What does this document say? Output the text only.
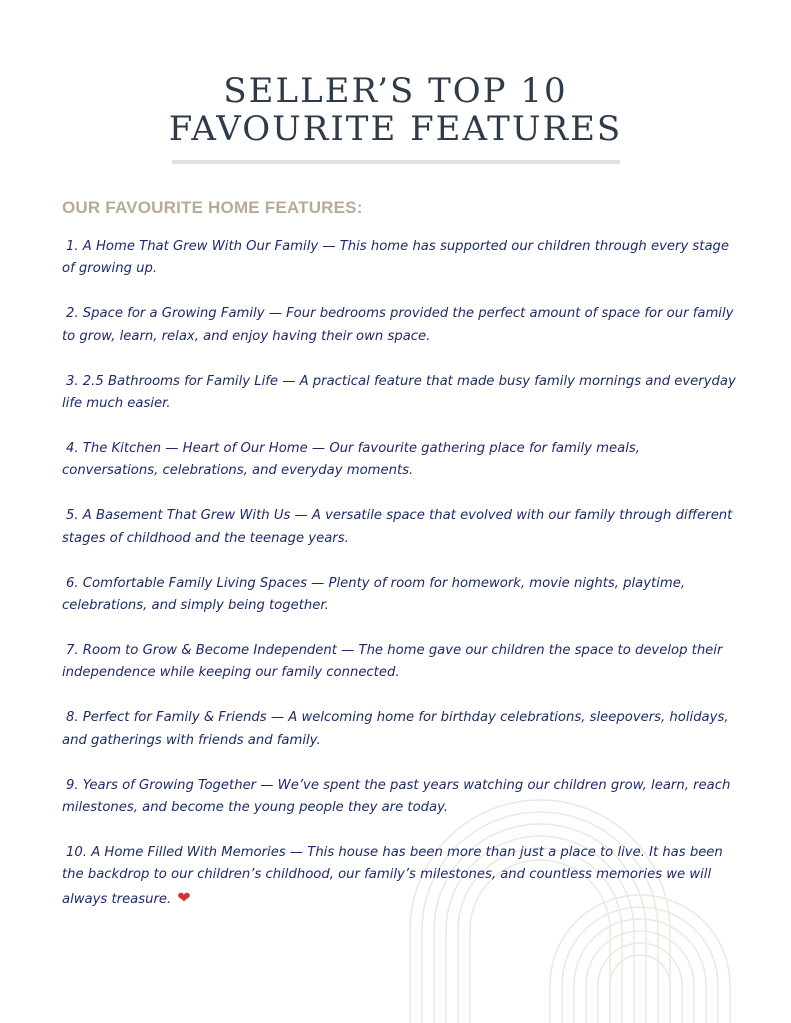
SELLER’S TOP 10
FAVOURITE FEATURES
OUR FAVOURITE HOME FEATURES:
1. A Home That Grew With Our Family — This home has supported our children through every stage of growing up.
2. Space for a Growing Family — Four bedrooms provided the perfect amount of space for our family to grow, learn, relax, and enjoy having their own space.
3. 2.5 Bathrooms for Family Life — A practical feature that made busy family mornings and everyday life much easier.
4. The Kitchen — Heart of Our Home — Our favourite gathering place for family meals, conversations, celebrations, and everyday moments.
5. A Basement That Grew With Us — A versatile space that evolved with our family through different stages of childhood and the teenage years.
6. Comfortable Family Living Spaces — Plenty of room for homework, movie nights, playtime, celebrations, and simply being together.
7. Room to Grow & Become Independent — The home gave our children the space to develop their independence while keeping our family connected.
8. Perfect for Family & Friends — A welcoming home for birthday celebrations, sleepovers, holidays, and gatherings with friends and family.
9. Years of Growing Together — We’ve spent the past years watching our children grow, learn, reach milestones, and become the young people they are today.
10. A Home Filled With Memories — This house has been more than just a place to live. It has been the backdrop to our children’s childhood, our family’s milestones, and countless memories we will always treasure. ❤
